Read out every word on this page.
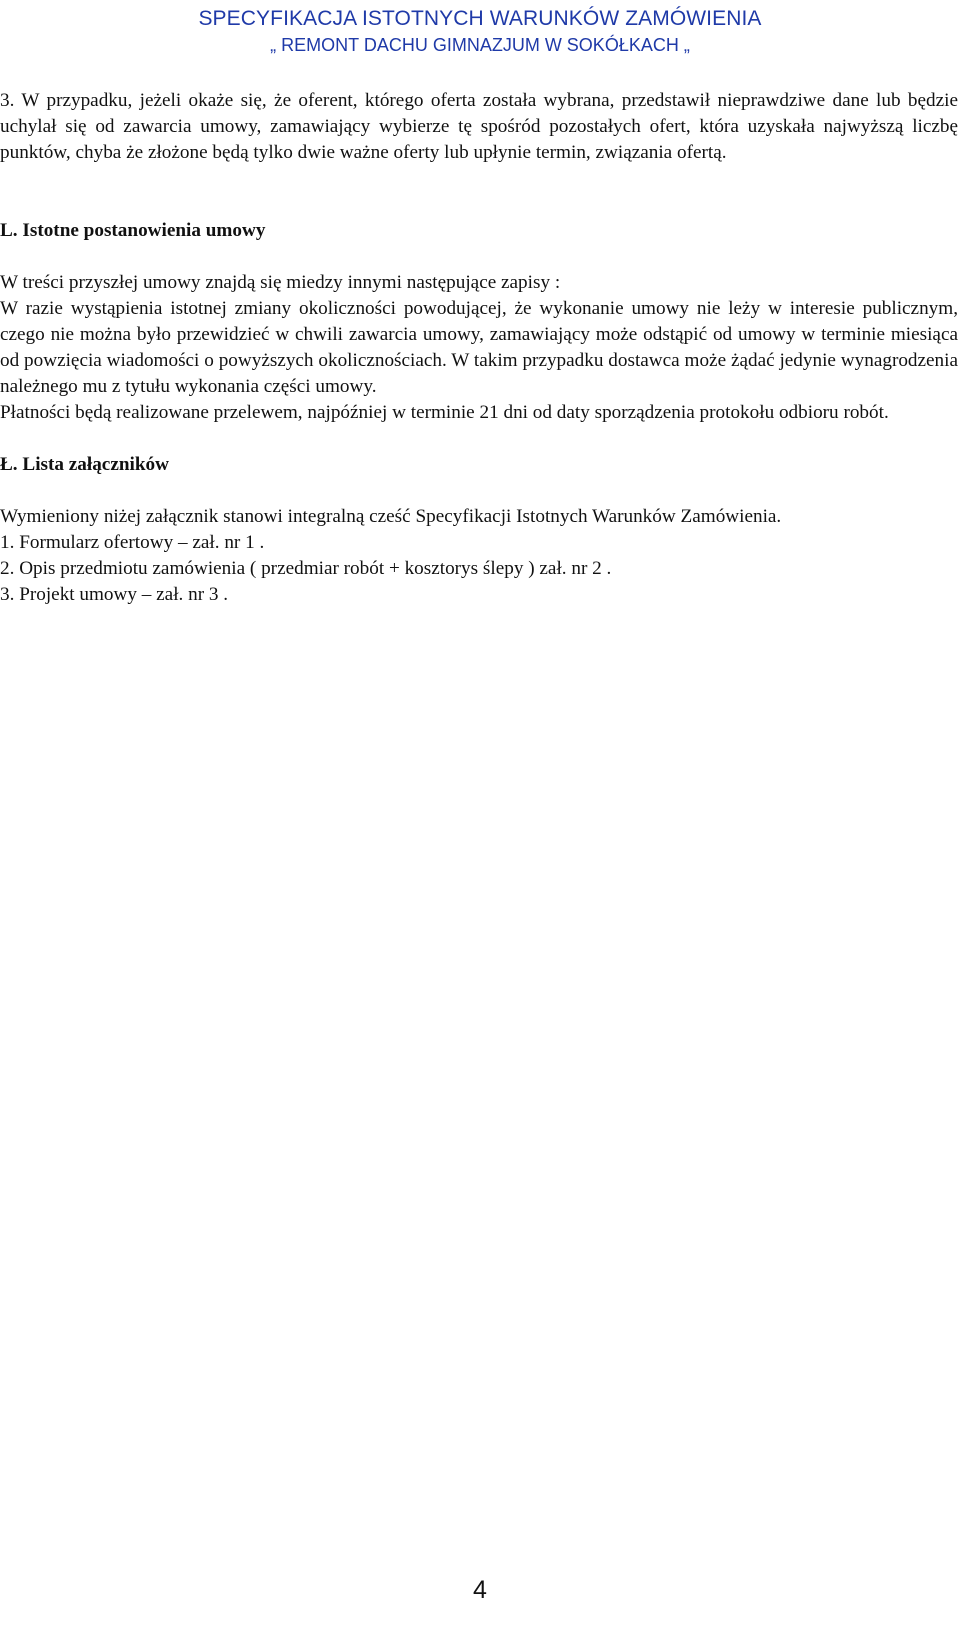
SPECYFIKACJA ISTOTNYCH WARUNKÓW ZAMÓWIENIA
„ REMONT DACHU GIMNAZJUM W SOKÓŁKACH „

3. W przypadku, jeżeli okaże się, że oferent, którego oferta została wybrana, przedstawił nieprawdziwe dane lub będzie uchylał się od zawarcia umowy, zamawiający wybierze tę spośród pozostałych ofert, która uzyskała najwyższą liczbę punktów, chyba że złożone będą tylko dwie ważne oferty lub upłynie termin, związania ofertą.

L. Istotne postanowienia umowy

W treści przyszłej umowy znajdą się miedzy innymi następujące zapisy :

W razie wystąpienia istotnej zmiany okoliczności powodującej, że wykonanie umowy nie leży w interesie publicznym, czego nie można było przewidzieć w chwili zawarcia umowy, zamawiający może odstąpić od umowy w terminie miesiąca od powzięcia wiadomości o powyższych okolicznościach. W takim przypadku dostawca może żądać jedynie wynagrodzenia należnego mu z tytułu wykonania części umowy.

Płatności będą realizowane przelewem, najpóźniej w terminie 21 dni od daty sporządzenia protokołu odbioru robót.

Ł. Lista załączników

Wymieniony niżej załącznik stanowi integralną cześć Specyfikacji Istotnych Warunków Zamówienia.

1. Formularz ofertowy – zał. nr 1 .

2. Opis przedmiotu zamówienia ( przedmiar robót + kosztorys ślepy ) zał. nr 2 .

3. Projekt umowy – zał. nr 3 .

4
